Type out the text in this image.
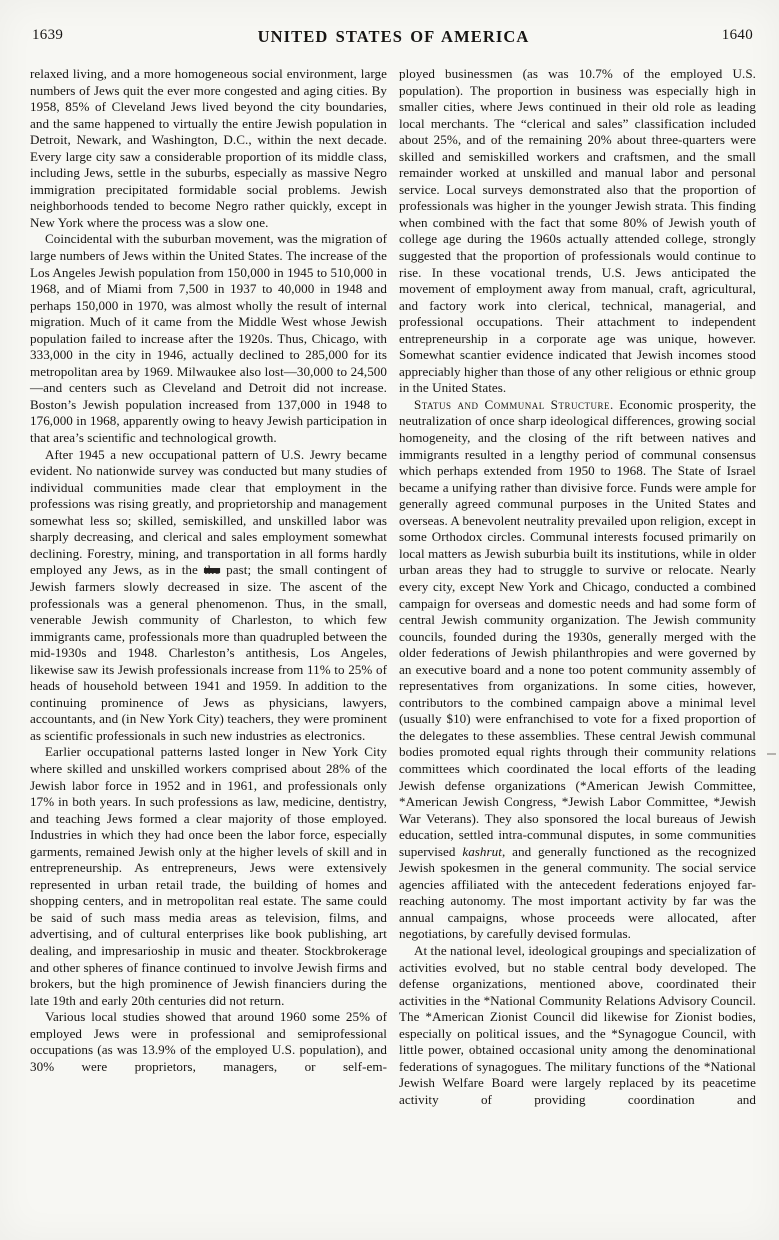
1639	UNITED STATES OF AMERICA	1640

relaxed living, and a more homogeneous social environment, large numbers of Jews quit the ever more congested and aging cities. By 1958, 85% of Cleveland Jews lived beyond the city boundaries, and the same happened to virtually the entire Jewish population in Detroit, Newark, and Washington, D.C., within the next decade. Every large city saw a considerable proportion of its middle class, including Jews, settle in the suburbs, especially as massive Negro immigration precipitated formidable social problems. Jewish neighborhoods tended to become Negro rather quickly, except in New York where the process was a slow one.

Coincidental with the suburban movement, was the migration of large numbers of Jews within the United States. The increase of the Los Angeles Jewish population from 150,000 in 1945 to 510,000 in 1968, and of Miami from 7,500 in 1937 to 40,000 in 1948 and perhaps 150,000 in 1970, was almost wholly the result of internal migration. Much of it came from the Middle West whose Jewish population failed to increase after the 1920s. Thus, Chicago, with 333,000 in the city in 1946, actually declined to 285,000 for its metropolitan area by 1969. Milwaukee also lost—30,000 to 24,500—and centers such as Cleveland and Detroit did not increase. Boston’s Jewish population increased from 137,000 in 1948 to 176,000 in 1968, apparently owing to heavy Jewish participation in that area’s scientific and technological growth.

After 1945 a new occupational pattern of U.S. Jewry became evident. No nationwide survey was conducted but many studies of individual communities made clear that employment in the professions was rising greatly, and proprietorship and management somewhat less so; skilled, semiskilled, and unskilled labor was sharply decreasing, and clerical and sales employment somewhat declining. Forestry, mining, and transportation in all forms hardly employed any Jews, as in the the past; the small contingent of Jewish farmers slowly decreased in size. The ascent of the professionals was a general phenomenon. Thus, in the small, venerable Jewish community of Charleston, to which few immigrants came, professionals more than quadrupled between the mid-1930s and 1948. Charleston’s antithesis, Los Angeles, likewise saw its Jewish professionals increase from 11% to 25% of heads of household between 1941 and 1959. In addition to the continuing prominence of Jews as physicians, lawyers, accountants, and (in New York City) teachers, they were prominent as scientific professionals in such new industries as electronics.

Earlier occupational patterns lasted longer in New York City where skilled and unskilled workers comprised about 28% of the Jewish labor force in 1952 and in 1961, and professionals only 17% in both years. In such professions as law, medicine, dentistry, and teaching Jews formed a clear majority of those employed. Industries in which they had once been the labor force, especially garments, remained Jewish only at the higher levels of skill and in entrepreneurship. As entrepreneurs, Jews were extensively represented in urban retail trade, the building of homes and shopping centers, and in metropolitan real estate. The same could be said of such mass media areas as television, films, and advertising, and of cultural enterprises like book publishing, art dealing, and impresarioship in music and theater. Stockbrokerage and other spheres of finance continued to involve Jewish firms and brokers, but the high prominence of Jewish financiers during the late 19th and early 20th centuries did not return.

Various local studies showed that around 1960 some 25% of employed Jews were in professional and semiprofessional occupations (as was 13.9% of the employed U.S. population), and 30% were proprietors, managers, or self-em-

ployed businessmen (as was 10.7% of the employed U.S. population). The proportion in business was especially high in smaller cities, where Jews continued in their old role as leading local merchants. The “clerical and sales” classification included about 25%, and of the remaining 20% about three-quarters were skilled and semiskilled workers and craftsmen, and the small remainder worked at unskilled and manual labor and personal service. Local surveys demonstrated also that the proportion of professionals was higher in the younger Jewish strata. This finding when combined with the fact that some 80% of Jewish youth of college age during the 1960s actually attended college, strongly suggested that the proportion of professionals would continue to rise. In these vocational trends, U.S. Jews anticipated the movement of employment away from manual, craft, agricultural, and factory work into clerical, technical, managerial, and professional occupations. Their attachment to independent entrepreneurship in a corporate age was unique, however. Somewhat scantier evidence indicated that Jewish incomes stood appreciably higher than those of any other religious or ethnic group in the United States.

Status and Communal Structure. Economic prosperity, the neutralization of once sharp ideological differences, growing social homogeneity, and the closing of the rift between natives and immigrants resulted in a lengthy period of communal consensus which perhaps extended from 1950 to 1968. The State of Israel became a unifying rather than divisive force. Funds were ample for generally agreed communal purposes in the United States and overseas. A benevolent neutrality prevailed upon religion, except in some Orthodox circles. Communal interests focused primarily on local matters as Jewish suburbia built its institutions, while in older urban areas they had to struggle to survive or relocate. Nearly every city, except New York and Chicago, conducted a combined campaign for overseas and domestic needs and had some form of central Jewish community organization. The Jewish community councils, founded during the 1930s, generally merged with the older federations of Jewish philanthropies and were governed by an executive board and a none too potent community assembly of representatives from organizations. In some cities, however, contributors to the combined campaign above a minimal level (usually $10) were enfranchised to vote for a fixed proportion of the delegates to these assemblies. These central Jewish communal bodies promoted equal rights through their community relations committees which coordinated the local efforts of the leading Jewish defense organizations (*American Jewish Committee, *American Jewish Congress, *Jewish Labor Committee, *Jewish War Veterans). They also sponsored the local bureaus of Jewish education, settled intra-communal disputes, in some communities supervised kashrut, and generally functioned as the recognized Jewish spokesmen in the general community. The social service agencies affiliated with the antecedent federations enjoyed far-reaching autonomy. The most important activity by far was the annual campaigns, whose proceeds were allocated, after negotiations, by carefully devised formulas.

At the national level, ideological groupings and specialization of activities evolved, but no stable central body developed. The defense organizations, mentioned above, coordinated their activities in the *National Community Relations Advisory Council. The *American Zionist Council did likewise for Zionist bodies, especially on political issues, and the *Synagogue Council, with little power, obtained occasional unity among the denominational federations of synagogues. The military functions of the *National Jewish Welfare Board were largely replaced by its peacetime activity of providing coordination and
